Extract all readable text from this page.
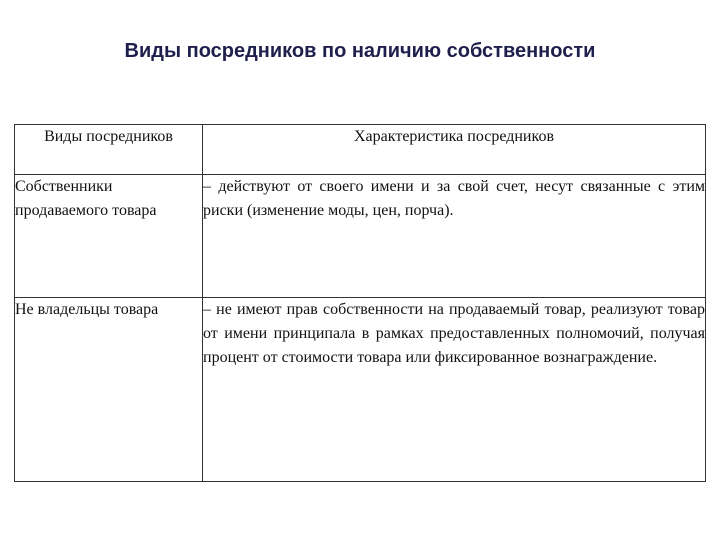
Виды посредников по наличию собственности
Виды посредников	Характеристика посредников
Собственники продаваемого товара	– действуют от своего имени и за свой счет, несут связанные с этим риски (изменение моды, цен, порча).
Не владельцы товара	– не имеют прав собственности на продаваемый товар, реализуют товар от имени принципала в рамках предоставленных полномочий, получая процент от стоимости товара или фиксированное вознаграждение.
